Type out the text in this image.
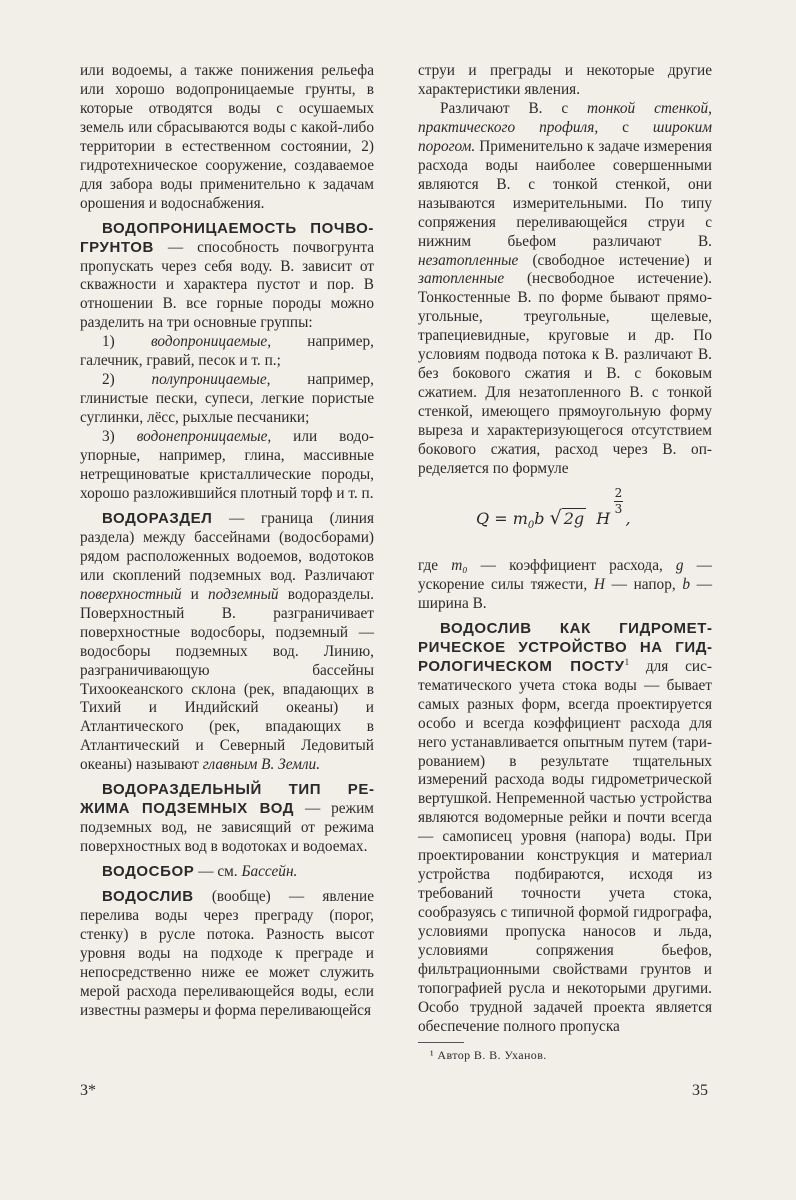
или водоемы, а также понижения рельефа или хорошо водопроницаемые грунты, в которые отводятся воды с осушаемых земель или сбрасываются воды с какой-либо территории в естественном состоянии, 2) гидротехническое сооружение, создаваемое для забора воды применительно к задачам орошения и водоснабжения.

ВОДОПРОНИЦАЕМОСТЬ ПОЧВО-ГРУНТОВ — способность почвогрунта пропускать через себя воду. В. зависит от скважности и характера пустот и пор. В отношении В. все горные породы можно разделить на три основные группы:

1) водопроницаемые, например, галечник, гравий, песок и т. п.;

2) полупроницаемые, например, глинистые пески, супеси, легкие пористые суглинки, лёсс, рыхлые песчаники;

3) водонепроницаемые, или водоупорные, например, глина, массивные нетрещиноватые кристаллические породы, хорошо разложившийся плотный торф и т. п.

ВОДОРАЗДЕЛ — граница (линия раздела) между бассейнами (водосборами) рядом расположенных водоемов, водотоков или скоплений подземных вод. Различают поверхностный и подземный водоразделы. Поверхностный В. разграничивает поверхностные водосборы, подземный — водосборы подземных вод. Линию, разграничивающую бассейны Тихоокеанского склона (рек, впадающих в Тихий и Индийский океаны) и Атлантического (рек, впадающих в Атлантический и Северный Ледовитый океаны) называют главным В. Земли.

ВОДОРАЗДЕЛЬНЫЙ ТИП РЕЖИМА ПОДЗЕМНЫХ ВОД — режим подземных вод, не зависящий от режима поверхностных вод в водотоках и водоемах.

ВОДОСБОР — см. Бассейн.

ВОДОСЛИВ (вообще) — явление перелива воды через преграду (порог, стенку) в русле потока. Разность высот уровня воды на подходе к преграде и непосредственно ниже ее может служить мерой расхода переливающейся воды, если известны размеры и форма переливающейся

струи и преграды и некоторые другие характеристики явления.

Различают В. с тонкой стенкой, практического профиля, с широким порогом. Применительно к задаче измерения расхода воды наиболее совершенными являются В. с тонкой стенкой, они называются измерительными. По типу сопряжения переливающейся струи с нижним бьефом различают В. незатопленные (свободное истечение) и затопленные (несвободное истечение). Тонкостенные В. по форме бывают прямоугольные, треугольные, щелевые, трапециевидные, круговые и др. По условиям подвода потока к В. различают В. без бокового сжатия и В. с боковым сжатием. Для незатопленного В. с тонкой стенкой, имеющего прямоугольную форму выреза и характеризующегося отсутствием бокового сжатия, расход через В. определяется по формуле

$Q = m_0b$ √ 2g H ,
2
3

где m₀ — коэффициент расхода, g — ускорение силы тяжести, H — напор, b — ширина В.

ВОДОСЛИВ КАК ГИДРОМЕТРИЧЕСКОЕ УСТРОЙСТВО НА ГИДРОЛОГИЧЕСКОМ ПОСТУ$^1$ для систематического учета стока воды — бывает самых разных форм, всегда проектируется особо и всегда коэффициент расхода для него устанавливается опытным путем (тарированием) в результате тщательных измерений расхода воды гидрометрической вертушкой. Непременной частью устройства являются водомерные рейки и почти всегда — самописец уровня (напора) воды. При проектировании конструкция и материал устройства подбираются, исходя из требований точности учета стока, сообразуясь с типичной формой гидрографа, условиями пропуска наносов и льда, условиями сопряжения бьефов, фильтрационными свойствами грунтов и топографией русла и некоторыми другими. Особо трудной задачей проекта является обеспечение полного пропуска

¹ Автор В. В. Уханов.
3*	35
